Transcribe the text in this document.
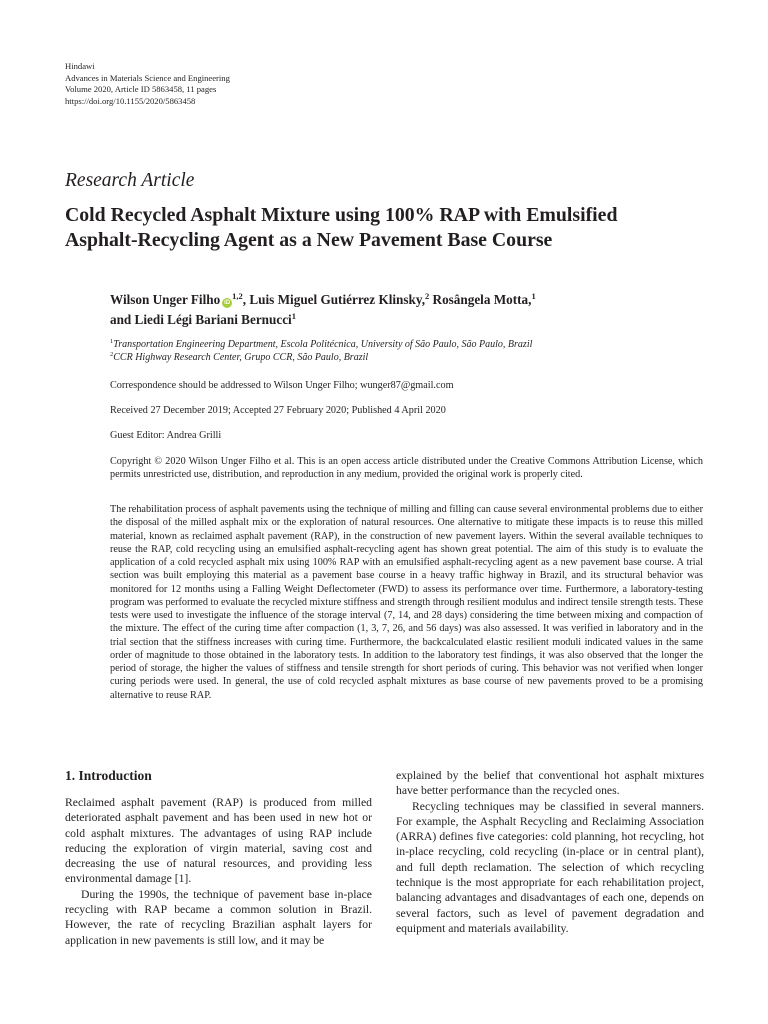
Hindawi
Advances in Materials Science and Engineering
Volume 2020, Article ID 5863458, 11 pages
https://doi.org/10.1155/2020/5863458
Research Article
Cold Recycled Asphalt Mixture using 100% RAP with Emulsified
Asphalt-Recycling Agent as a New Pavement Base Course
Wilson Unger Filho iD$^{1,2}$, Luis Miguel Gutiérrez Klinsky,$^2$ Rosângela Motta,$^1$
and Liedi Légi Bariani Bernucci$^1$
$^1$Transportation Engineering Department, Escola Politécnica, University of São Paulo, São Paulo, Brazil
$^2$CCR Highway Research Center, Grupo CCR, São Paulo, Brazil
Correspondence should be addressed to Wilson Unger Filho; wunger87@gmail.com
Received 27 December 2019; Accepted 27 February 2020; Published 4 April 2020
Guest Editor: Andrea Grilli
Copyright © 2020 Wilson Unger Filho et al. This is an open access article distributed under the Creative Commons Attribution License, which permits unrestricted use, distribution, and reproduction in any medium, provided the original work is properly cited.
The rehabilitation process of asphalt pavements using the technique of milling and filling can cause several environmental problems due to either the disposal of the milled asphalt mix or the exploration of natural resources. One alternative to mitigate these impacts is to reuse this milled material, known as reclaimed asphalt pavement (RAP), in the construction of new pavement layers. Within the several available techniques to reuse the RAP, cold recycling using an emulsified asphalt-recycling agent has shown great potential. The aim of this study is to evaluate the application of a cold recycled asphalt mix using 100% RAP with an emulsified asphalt-recycling agent as a new pavement base course. A trial section was built employing this material as a pavement base course in a heavy traffic highway in Brazil, and its structural behavior was monitored for 12 months using a Falling Weight Deflectometer (FWD) to assess its performance over time. Furthermore, a laboratory-testing program was performed to evaluate the recycled mixture stiffness and strength through resilient modulus and indirect tensile strength tests. These tests were used to investigate the influence of the storage interval (7, 14, and 28 days) considering the time between mixing and compaction of the mixture. The effect of the curing time after compaction (1, 3, 7, 26, and 56 days) was also assessed. It was verified in laboratory and in the trial section that the stiffness increases with curing time. Furthermore, the backcalculated elastic resilient moduli indicated values in the same order of magnitude to those obtained in the laboratory tests. In addition to the laboratory test findings, it was also observed that the longer the period of storage, the higher the values of stiffness and tensile strength for short periods of curing. This behavior was not verified when longer curing periods were used. In general, the use of cold recycled asphalt mixtures as base course of new pavements proved to be a promising alternative to reuse RAP.
1. Introduction

Reclaimed asphalt pavement (RAP) is produced from milled deteriorated asphalt pavement and has been used in new hot or cold asphalt mixtures. The advantages of using RAP include reducing the exploration of virgin material, saving cost and decreasing the use of natural resources, and providing less environmental damage [1].

During the 1990s, the technique of pavement base in-place recycling with RAP became a common solution in Brazil. However, the rate of recycling Brazilian asphalt layers for application in new pavements is still low, and it may be

explained by the belief that conventional hot asphalt mixtures have better performance than the recycled ones.

Recycling techniques may be classified in several manners. For example, the Asphalt Recycling and Reclaiming Association (ARRA) defines five categories: cold planning, hot recycling, hot in-place recycling, cold recycling (in-place or in central plant), and full depth reclamation. The selection of which recycling technique is the most appropriate for each rehabilitation project, balancing advantages and disadvantages of each one, depends on several factors, such as level of pavement degradation and equipment and materials availability.
